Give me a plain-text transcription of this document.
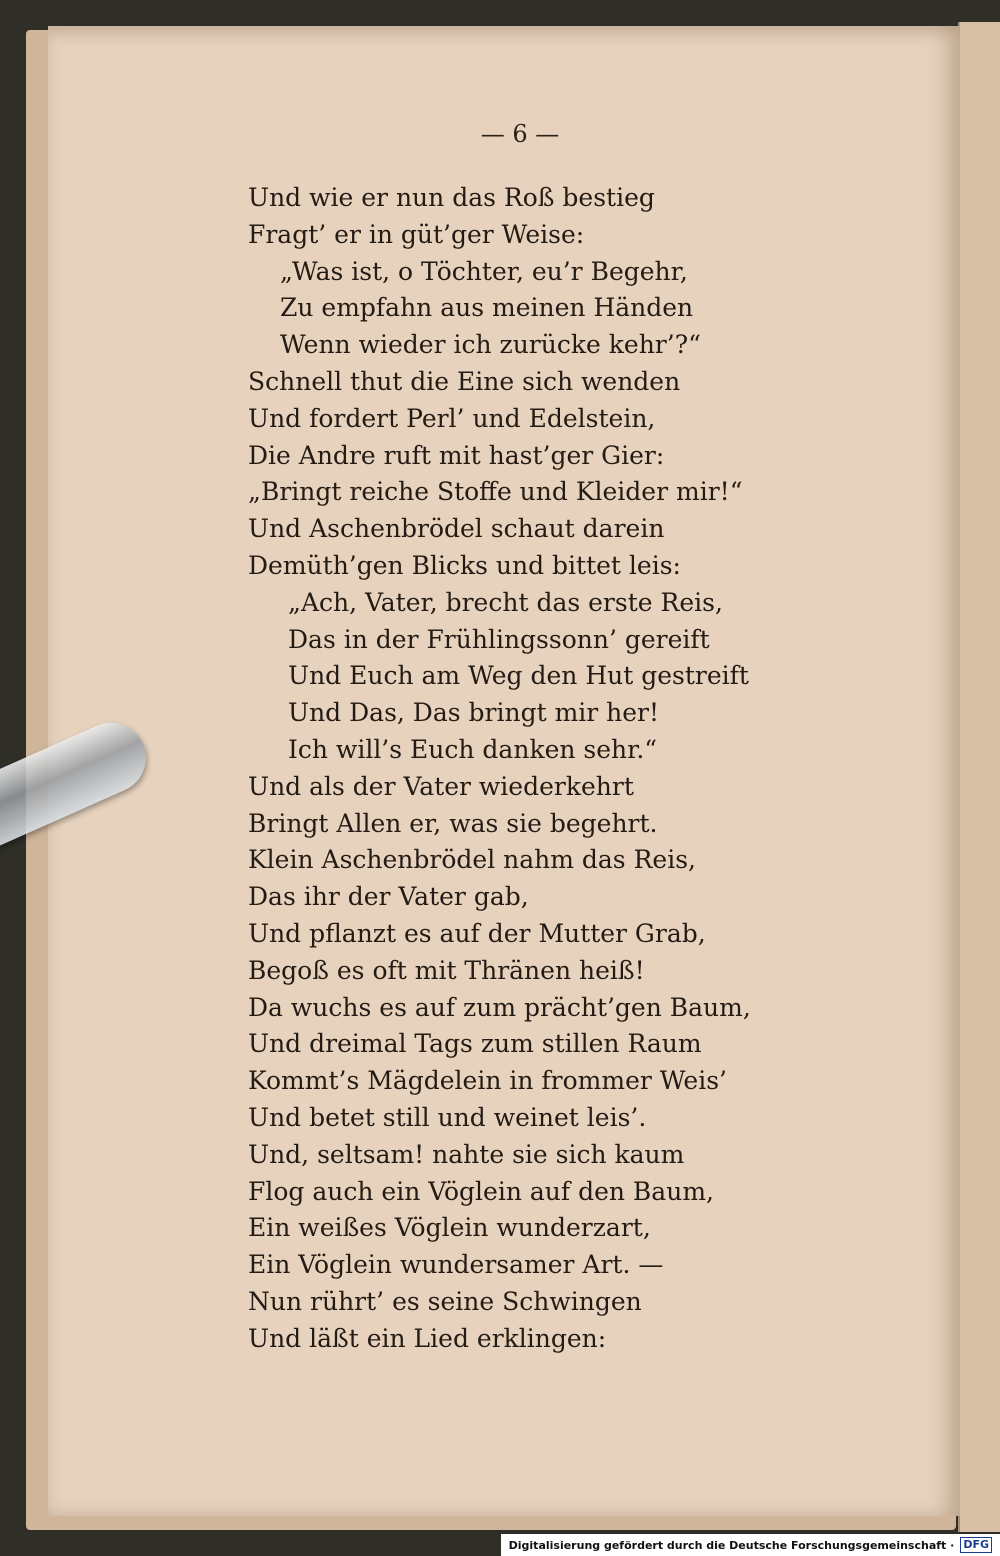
— 6 —

Und wie er nun das Roß bestieg

Fragt’ er in güt’ger Weise:

„Was ist, o Töchter, eu’r Begehr,

Zu empfahn aus meinen Händen

Wenn wieder ich zurücke kehr’?“

Schnell thut die Eine sich wenden

Und fordert Perl’ und Edelstein,

Die Andre ruft mit hast’ger Gier:

„Bringt reiche Stoffe und Kleider mir!“

Und Aschenbrödel schaut darein

Demüth’gen Blicks und bittet leis:

„Ach, Vater, brecht das erste Reis,

Das in der Frühlingssonn’ gereift

Und Euch am Weg den Hut gestreift

Und Das, Das bringt mir her!

Ich will’s Euch danken sehr.“

Und als der Vater wiederkehrt

Bringt Allen er, was sie begehrt.

Klein Aschenbrödel nahm das Reis,

Das ihr der Vater gab,

Und pflanzt es auf der Mutter Grab,

Begoß es oft mit Thränen heiß!

Da wuchs es auf zum prächt’gen Baum,

Und dreimal Tags zum stillen Raum

Kommt’s Mägdelein in frommer Weis’

Und betet still und weinet leis’.

Und, seltsam! nahte sie sich kaum

Flog auch ein Vöglein auf den Baum,

Ein weißes Vöglein wunderzart,

Ein Vöglein wundersamer Art. —

Nun rührt’ es seine Schwingen

Und läßt ein Lied erklingen:

Digitalisierung gefördert durch die Deutsche Forschungsgemeinschaft · DFG
